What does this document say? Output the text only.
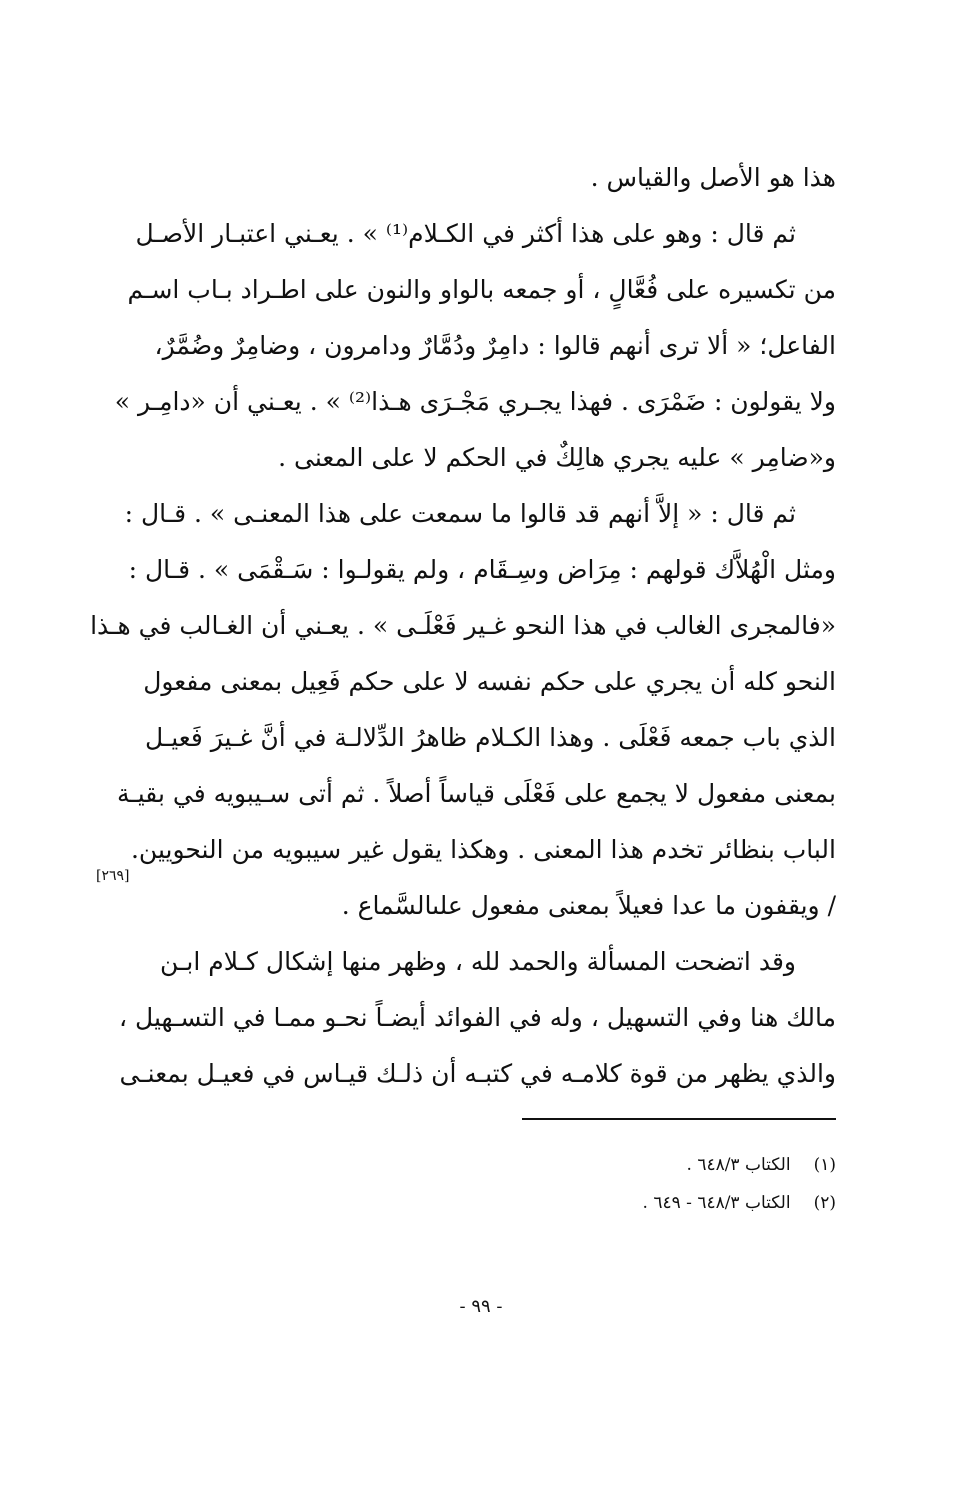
هذا هو الأصل والقياس .
ثم قال : وهو على هذا أكثر في الكـلام⁽¹⁾ » . يعـني اعتبـار الأصـل
من تكسيره على فُعَّالٍ ، أو جمعه بالواو والنون على اطـراد بـاب اسـم
الفاعل؛ « ألا ترى أنهم قالوا : دامِرٌ ودُمَّارٌ ودامرون ، وضامِرٌ وضُمَّرٌ،
ولا يقولون : ضَمْرَى . فهذا يجـري مَجْـرَى هـذا⁽²⁾ » . يعـني أن «دامِـر »
و«ضامِر » عليه يجري هالِكٌ في الحكم لا على المعنى .
ثم قال : « إلاَّ أنهم قد قالوا ما سمعت على هذا المعنـى » . قـال :
ومثل الْهُلاَّك قولهم : مِرَاض وسِـقَام ، ولم يقولـوا : سَـقْمَى » . قـال :
«فالمجرى الغالب في هذا النحو غـير فَعْلَـى » . يعـني أن الغـالب في هـذا
النحو كله أن يجري على حكم نفسه لا على حكم فَعِيل بمعنى مفعول
الذي باب جمعه فَعْلَى . وهذا الكـلام ظاهرُ الدِّلالـة في أنَّ غـيرَ فَعيـل
بمعنى مفعول لا يجمع على فَعْلَى قياساً أصلاً . ثم أتى سـيبويه في بقيـة
الباب بنظائر تخدم هذا المعنى . وهكذا يقول غير سيبويه من النحويين.
/ ويقفون ما عدا فعيلاً بمعنى مفعول علىالسَّماع .
وقد اتضحت المسألة والحمد لله ، وظهر منها إشكال كـلام ابـن
مالك هنا وفي التسهيل ، وله في الفوائد أيضـاً نحـو ممـا في التسـهيل ،
والذي يظهر من قوة كلامـه في كتبـه أن ذلـك قيـاس في فعيـل بمعنـى
[٢٦٩]
(١) الكتاب ٦٤٨/٣ .
(٢) الكتاب ٦٤٨/٣ - ٦٤٩ .
- ٩٩ -
